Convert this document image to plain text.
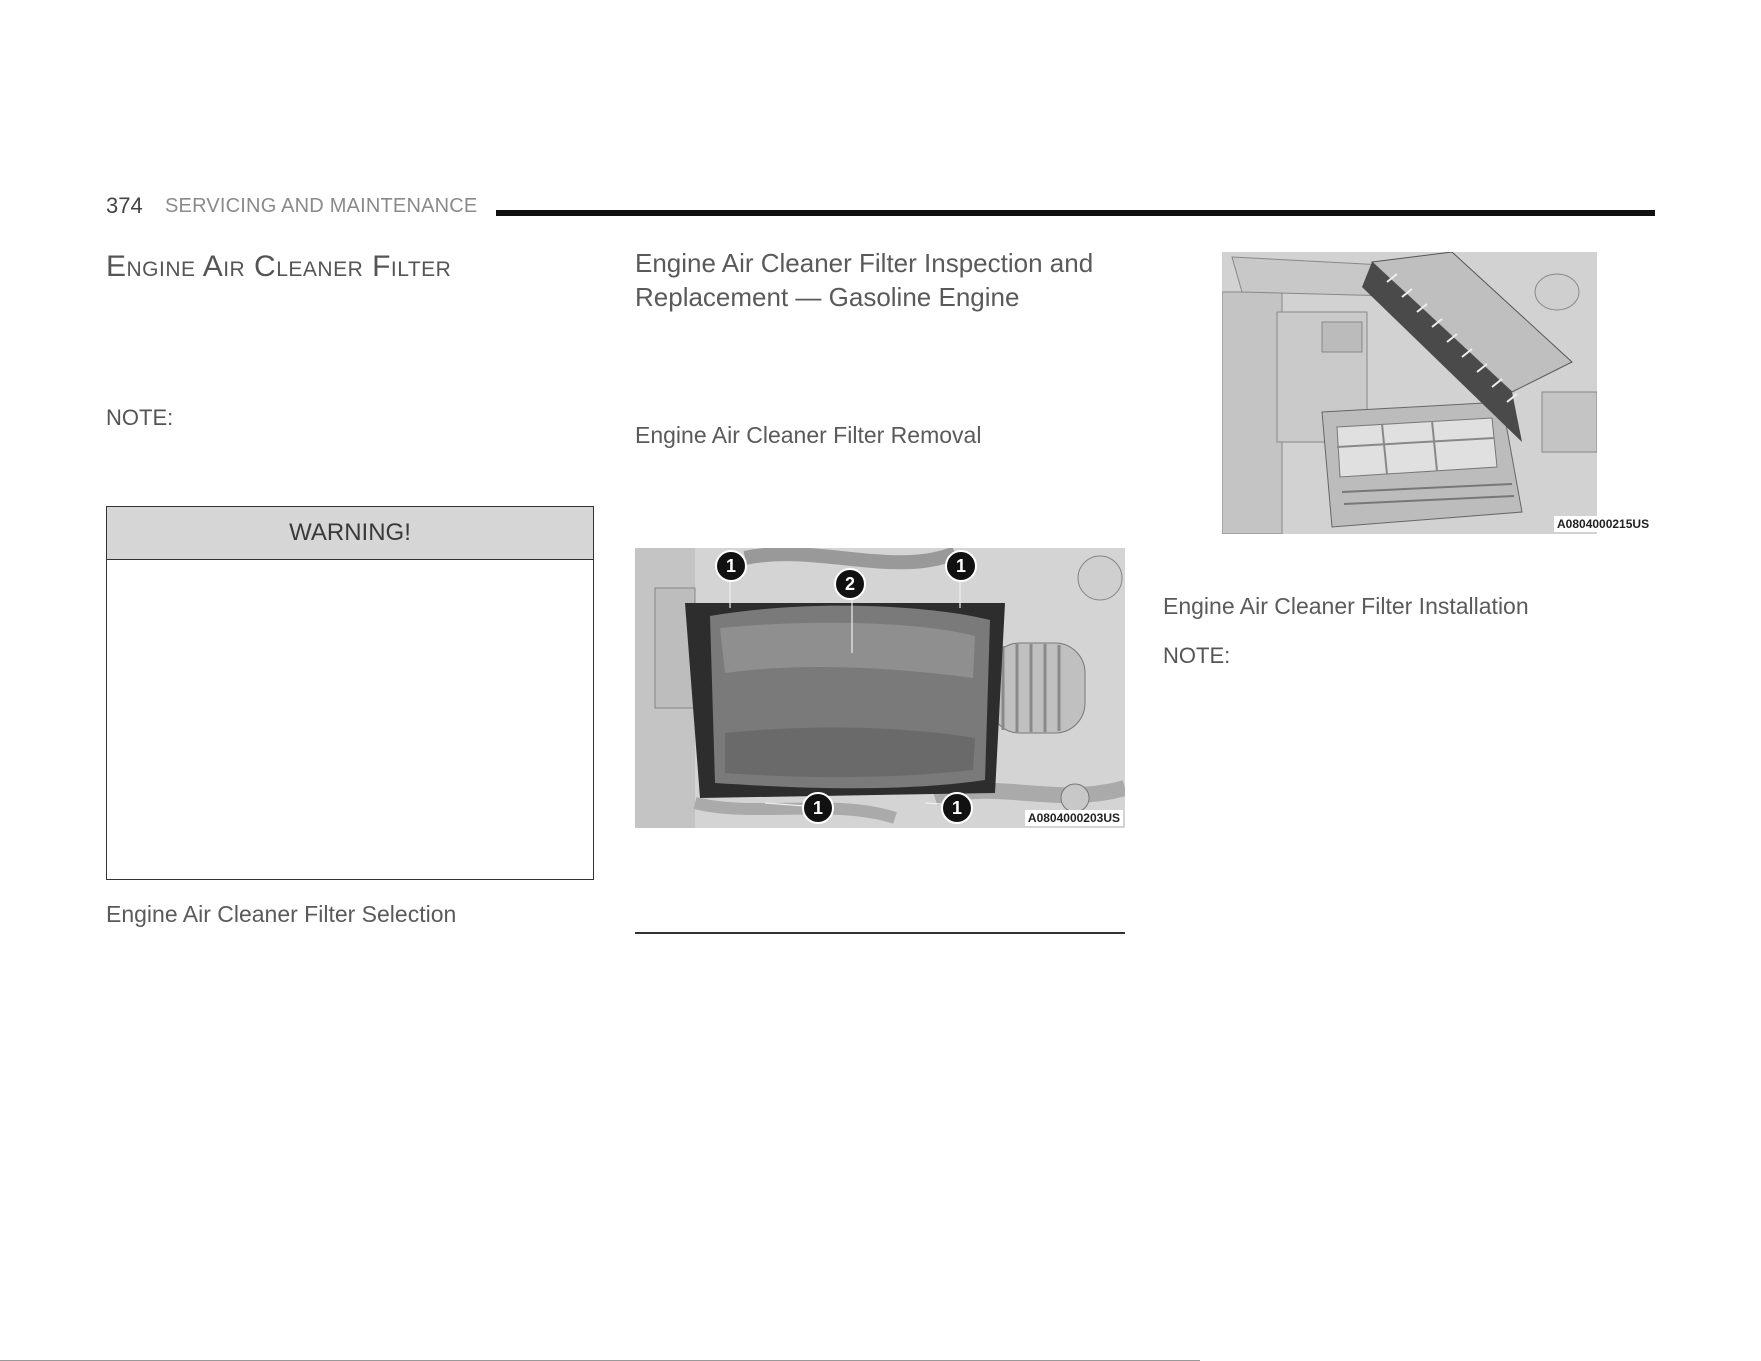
374 SERVICING AND MAINTENANCE
Engine Air Cleaner Filter
NOTE:
WARNING!
Engine Air Cleaner Filter Selection
Engine Air Cleaner Filter Inspection and
Replacement — Gasoline Engine
Engine Air Cleaner Filter Removal
1	1
2
1	1
A0804000203US
A0804000215US
Engine Air Cleaner Filter Installation
NOTE:
